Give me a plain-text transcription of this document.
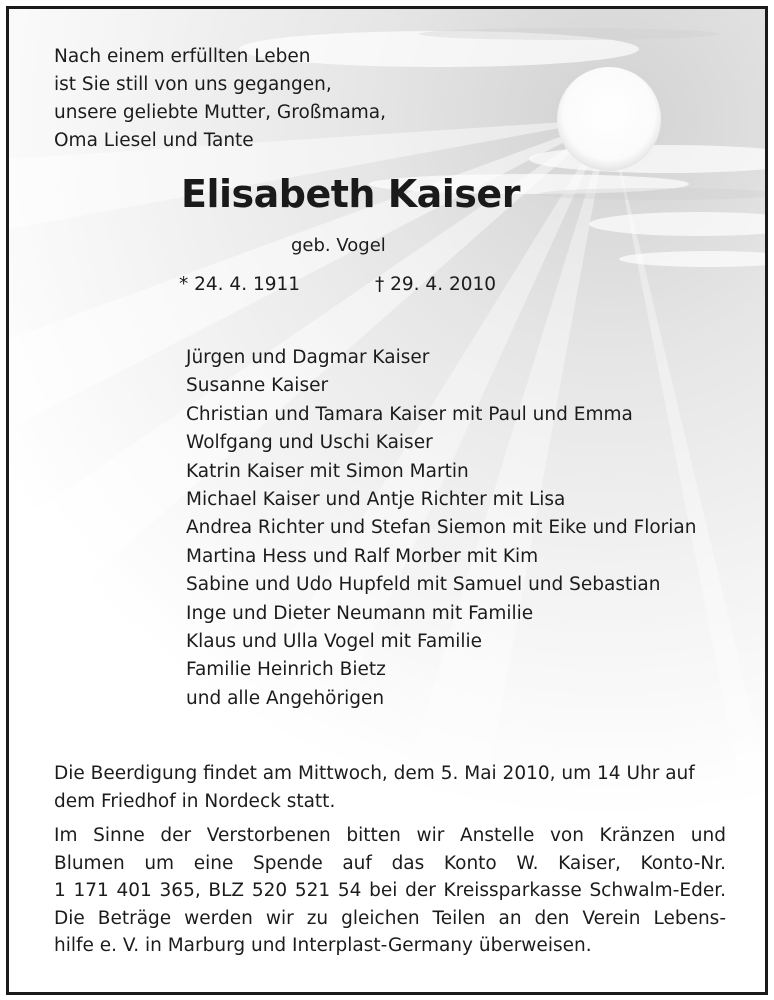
Nach einem erfüllten Leben
ist Sie still von uns gegangen,
unsere geliebte Mutter, Großmama,
Oma Liesel und Tante
Elisabeth Kaiser
geb. Vogel
* 24. 4. 1911	† 29. 4. 2010
Jürgen und Dagmar Kaiser
Susanne Kaiser
Christian und Tamara Kaiser mit Paul und Emma
Wolfgang und Uschi Kaiser
Katrin Kaiser mit Simon Martin
Michael Kaiser und Antje Richter mit Lisa
Andrea Richter und Stefan Siemon mit Eike und Florian
Martina Hess und Ralf Morber mit Kim
Sabine und Udo Hupfeld mit Samuel und Sebastian
Inge und Dieter Neumann mit Familie
Klaus und Ulla Vogel mit Familie
Familie Heinrich Bietz
und alle Angehörigen
Die Beerdigung findet am Mittwoch, dem 5. Mai 2010, um 14 Uhr auf
dem Friedhof in Nordeck statt.
Im Sinne der Verstorbenen bitten wir Anstelle von Kränzen und
Blumen um eine Spende auf das Konto W. Kaiser, Konto-Nr.
1 171 401 365, BLZ 520 521 54 bei der Kreissparkasse Schwalm-Eder.
Die Beträge werden wir zu gleichen Teilen an den Verein Lebens-
hilfe e. V. in Marburg und Interplast-Germany überweisen.
